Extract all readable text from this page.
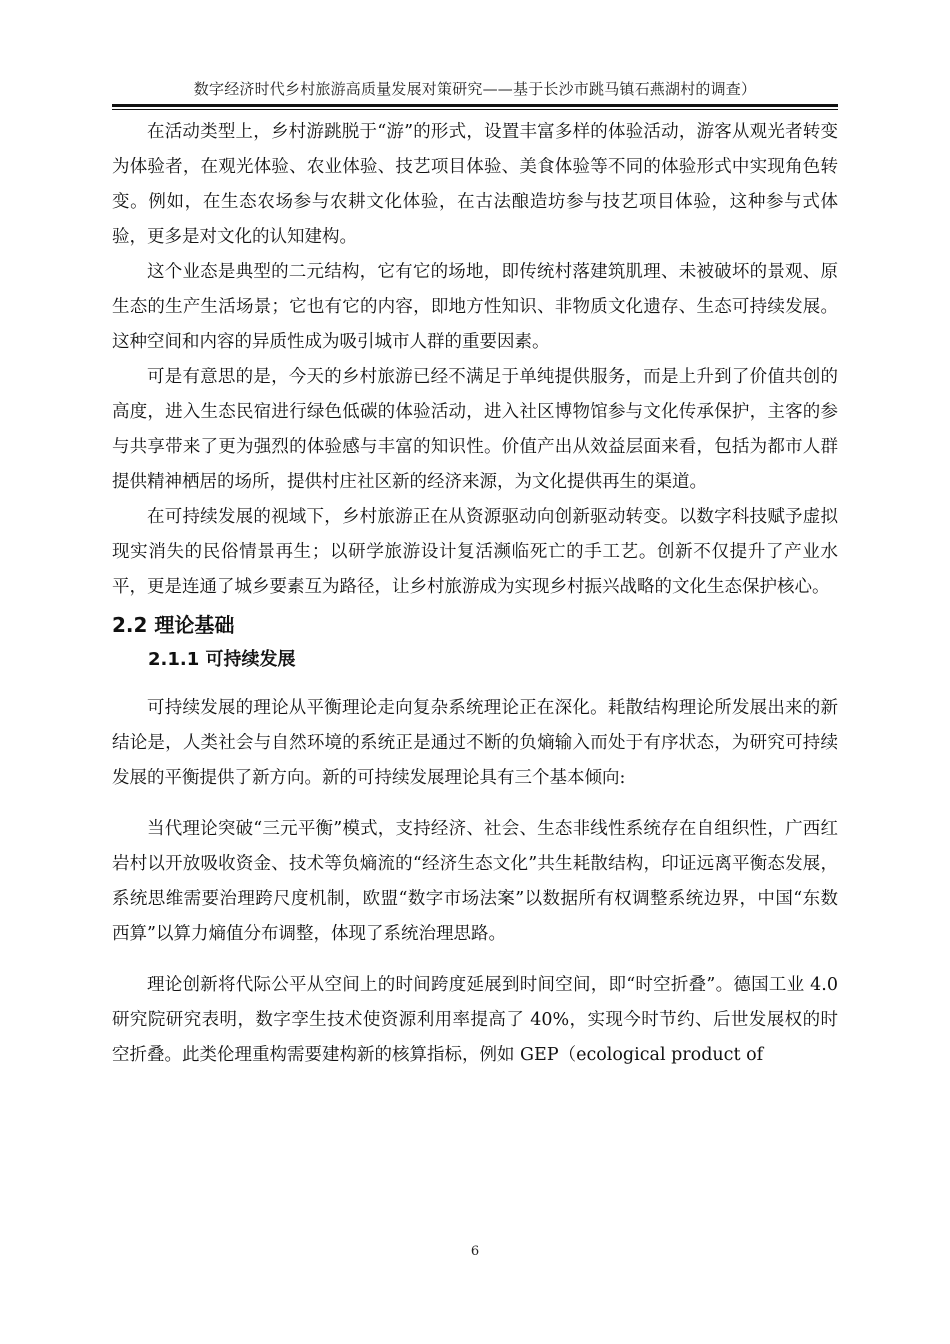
数字经济时代乡村旅游高质量发展对策研究——基于长沙市跳马镇石燕湖村的调查）

在活动类型上，乡村游跳脱于“游”的形式，设置丰富多样的体验活动，游客从观光者转变为体验者，在观光体验、农业体验、技艺项目体验、美食体验等不同的体验形式中实现角色转变。例如，在生态农场参与农耕文化体验，在古法酿造坊参与技艺项目体验，这种参与式体验，更多是对文化的认知建构。

这个业态是典型的二元结构，它有它的场地，即传统村落建筑肌理、未被破坏的景观、原生态的生产生活场景；它也有它的内容，即地方性知识、非物质文化遗存、生态可持续发展。这种空间和内容的异质性成为吸引城市人群的重要因素。

可是有意思的是，今天的乡村旅游已经不满足于单纯提供服务，而是上升到了价值共创的高度，进入生态民宿进行绿色低碳的体验活动，进入社区博物馆参与文化传承保护，主客的参与共享带来了更为强烈的体验感与丰富的知识性。价值产出从效益层面来看，包括为都市人群提供精神栖居的场所，提供村庄社区新的经济来源，为文化提供再生的渠道。

在可持续发展的视域下，乡村旅游正在从资源驱动向创新驱动转变。以数字科技赋予虚拟现实消失的民俗情景再生；以研学旅游设计复活濒临死亡的手工艺。创新不仅提升了产业水平，更是连通了城乡要素互为路径，让乡村旅游成为实现乡村振兴战略的文化生态保护核心。

2.2 理论基础
2.1.1 可持续发展

可持续发展的理论从平衡理论走向复杂系统理论正在深化。耗散结构理论所发展出来的新结论是，人类社会与自然环境的系统正是通过不断的负熵输入而处于有序状态，为研究可持续发展的平衡提供了新方向。新的可持续发展理论具有三个基本倾向:

当代理论突破“三元平衡”模式，支持经济、社会、生态非线性系统存在自组织性，广西红岩村以开放吸收资金、技术等负熵流的“经济生态文化”共生耗散结构，印证远离平衡态发展，系统思维需要治理跨尺度机制，欧盟“数字市场法案”以数据所有权调整系统边界，中国“东数西算”以算力熵值分布调整，体现了系统治理思路。

理论创新将代际公平从空间上的时间跨度延展到时间空间，即“时空折叠”。德国工业 4.0 研究院研究表明，数字孪生技术使资源利用率提高了 40%，实现今时节约、后世发展权的时空折叠。此类伦理重构需要建构新的核算指标，例如 GEP（ecological product of

6
